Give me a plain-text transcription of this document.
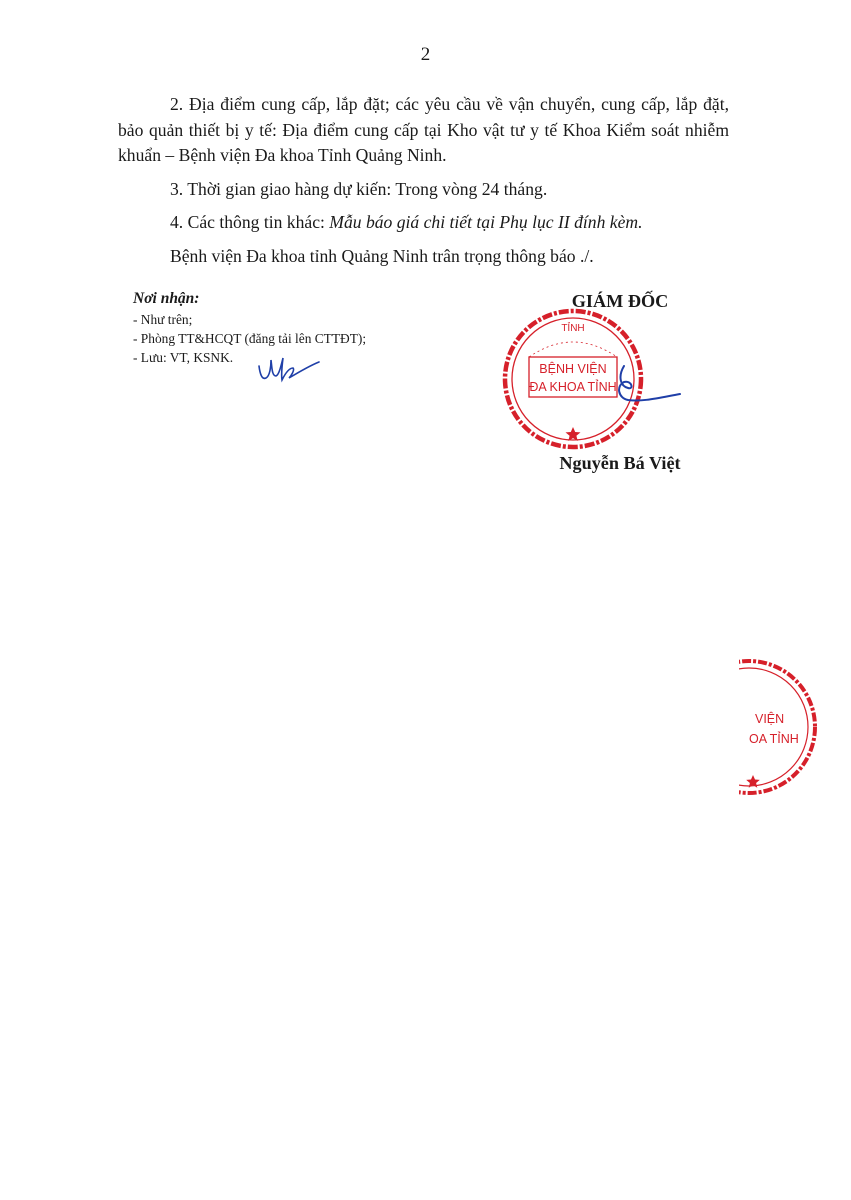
2

2. Địa điểm cung cấp, lắp đặt; các yêu cầu về vận chuyển, cung cấp, lắp đặt, bảo quản thiết bị y tế: Địa điểm cung cấp tại Kho vật tư y tế Khoa Kiểm soát nhiễm khuẩn – Bệnh viện Đa khoa Tỉnh Quảng Ninh.

3. Thời gian giao hàng dự kiến: Trong vòng 24 tháng.

4. Các thông tin khác: Mẫu báo giá chi tiết tại Phụ lục II đính kèm.

Bệnh viện Đa khoa tỉnh Quảng Ninh trân trọng thông báo ./.

Nơi nhận:

- Như trên;

- Phòng TT&HCQT (đăng tải lên CTTĐT);

- Lưu: VT, KSNK.

GIÁM ĐỐC
TỈNH
BỆNH VIỆN
ĐA KHOA TỈNH
Nguyễn Bá Việt
VIỆN
OA TỈNH
